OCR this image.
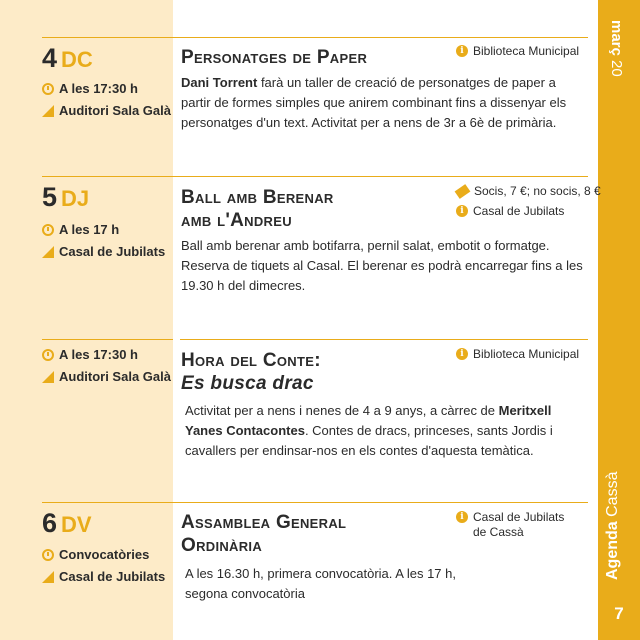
març 20
Agenda Cassà
7
4 DC
A les 17:30 h
Auditori Sala Galà
Personatges de Paper	i Biblioteca Municipal
Dani Torrent farà un taller de creació de personatges de paper a partir de formes simples que anirem combinant fins a dissenyar els personatges d'un text. Activitat per a nens de 3r a 6è de primària.
5 DJ
A les 17 h
Casal de Jubilats
Ball amb Berenar
amb l'Andreu
Socis, 7 €; no socis, 8 €
i Casal de Jubilats
Ball amb berenar amb botifarra, pernil salat, embotit o formatge. Reserva de tiquets al Casal. El berenar es podrà encarregar fins a les 19.30 h del dimecres.
A les 17:30 h
Auditori Sala Galà
Hora del Conte:
Es busca drac
i Biblioteca Municipal
Activitat per a nens i nenes de 4 a 9 anys, a càrrec de Meritxell Yanes Contacontes. Contes de dracs, princeses, sants Jordis i cavallers per endinsar-nos en els contes d'aquesta temàtica.
6 DV
Convocatòries
Casal de Jubilats
Assamblea General
Ordinària
i Casal de Jubilats
de Cassà
A les 16.30 h, primera convocatòria. A les 17 h,
segona convocatòria
